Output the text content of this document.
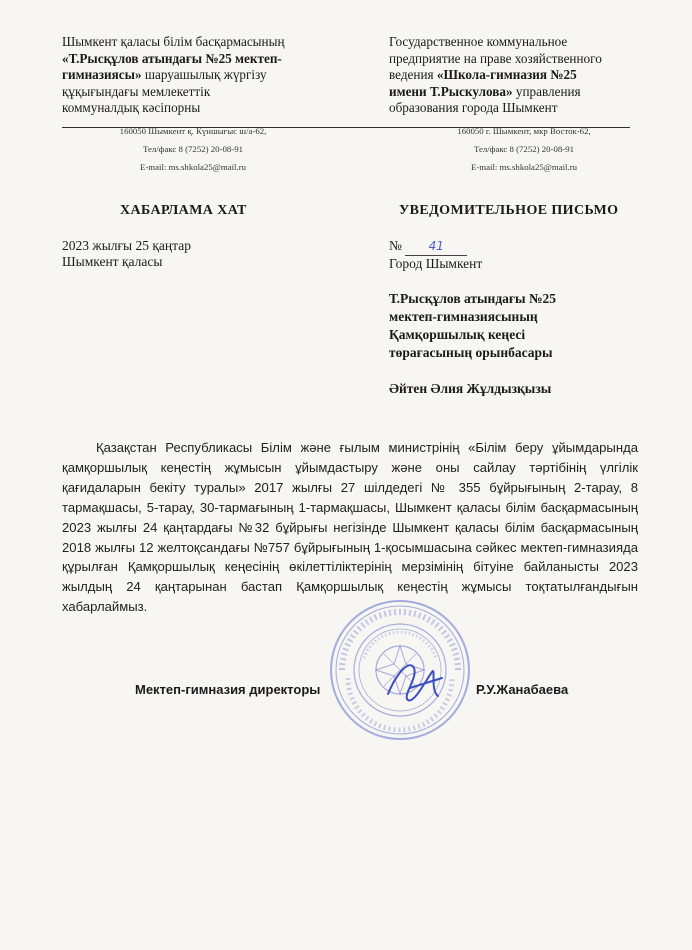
Шымкент қаласы білім басқармасының
«Т.Рысқұлов атындағы №25 мектеп-
гимназиясы» шаруашылық жүргізу
құқығындағы мемлекеттік
коммуналдық кәсіпорны
Государственное коммунальное
предприятие на праве хозяйственного
ведения «Школа-гимназия №25
имени Т.Рыскулова» управления
образования города Шымкент
160050 Шымкент қ. Күншығыс ш/а-62,
Тел/факс 8 (7252) 20-08-91
E-mail: ms.shkola25@mail.ru
160050 г. Шымкент, мкр Восток-62,
Тел/факс 8 (7252) 20-08-91
E-mail: ms.shkola25@mail.ru
ХАБАРЛАМА ХАТ	УВЕДОМИТЕЛЬНОЕ ПИСЬМО
2023 жылғы 25 қаңтар
Шымкент қаласы
№ 41
Город Шымкент
Т.Рысқұлов атындағы №25
мектеп-гимназиясының
Қамқоршылық кеңесі
төрағасының орынбасары
Әйтен Әлия Жұлдызқызы
Қазақстан Республикасы Білім және ғылым министрінің «Білім беру ұйымдарында қамқоршылық кеңестің жұмысын ұйымдастыру және оны сайлау тәртібінің үлгілік қағидаларын бекіту туралы» 2017 жылғы 27 шілдедегі № 355 бұйрығының 2-тарау, 8 тармақшасы, 5-тарау, 30-тармағының 1-тармақшасы, Шымкент қаласы білім басқармасының 2023 жылғы 24 қаңтардағы №32 бұйрығы негізінде Шымкент қаласы білім басқармасының 2018 жылғы 12 желтоқсандағы №757 бұйрығының 1-қосымшасына сәйкес мектеп-гимназияда құрылған Қамқоршылық кеңесінің өкілеттіліктерінің мерзімінің бітуіне байланысты 2023 жылдың 24 қаңтарынан бастап Қамқоршылық кеңестің жұмысы тоқтатылғандығын хабарлаймыз.
Мектеп-гимназия директоры	Р.У.Жанабаева
